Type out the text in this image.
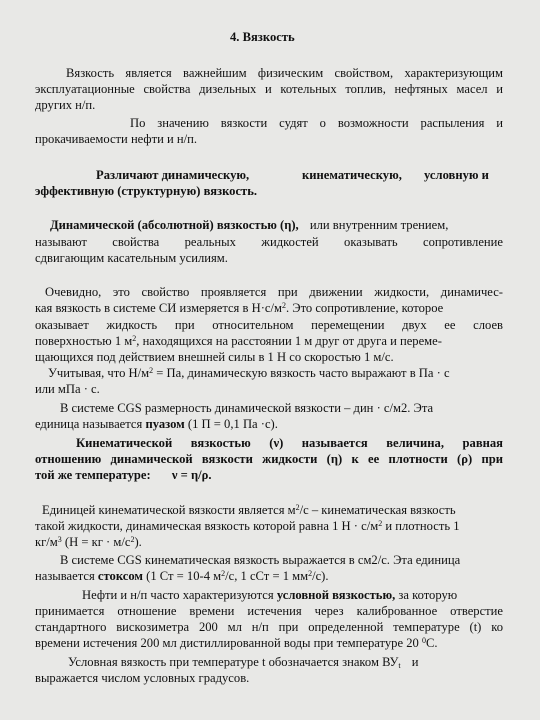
4. Вязкость
Вязкость является важнейшим физическим свойством, характеризующим
эксплуатационные свойства дизельных и котельных топлив, нефтяных масел и
других н/п.
По значению вязкости судят о возможности распыления и
прокачиваемости нефти и н/п.
Различают динамическую,	кинематическую, условную и
эффективную (структурную) вязкость.
Динамической (абсолютной) вязкостью (η), или внутренним трением,
называют свойства реальных жидкостей оказывать сопротивление
сдвигающим касательным усилиям.
Очевидно, это свойство проявляется при движении жидкости, динамичес-
кая вязкость в системе СИ измеряется в $Н\cdot с/м^2$. Это сопротивление, которое
оказывает жидкость при относительном перемещении двух ее слоев
поверхностью 1 $м^2$, находящихся на расстоянии 1 м друг от друга и переме-
щающихся под действием внешней силы в 1 Н со скоростью 1 м/с.
Учитывая, что $Н/м^2$ = Па, динамическую вязкость часто выражают в Па · с
или мПа · с.
В системе CGS размерность динамической вязкости – дин · с/м2. Эта
единица называется пуазом (1 П = 0,1 Па ·с).
Кинематической вязкостью (ν) называется величина, равная
отношению динамической вязкости жидкости (η) к ее плотности (ρ) при
той же температуре: ν = η/ρ.
Единицей кинематической вязкости является $м^2/с$ – кинематическая вязкость
такой жидкости, динамическая вязкость которой равна 1 $Н \cdot с/м^2$ и плотность 1
$кг/м^3$ (Н = кг · $м/с^2$).
В системе CGS кинематическая вязкость выражается в см2/с. Эта единица
называется стоксом (1 Ст = 10-4 $м^2/с$, 1 сСт = 1 $мм^2/с$).
Нефти и н/п часто характеризуются условной вязкостью, за которую
принимается отношение времени истечения через калиброванное отверстие
стандартного вискозиметра 200 мл н/п при определенной температуре (t) ко
времени истечения 200 мл дистиллированной воды при температуре 20 $^0$С.
Условная вязкость при температуре t обозначается знаком $ВУ_t$ и
выражается числом условных градусов.
